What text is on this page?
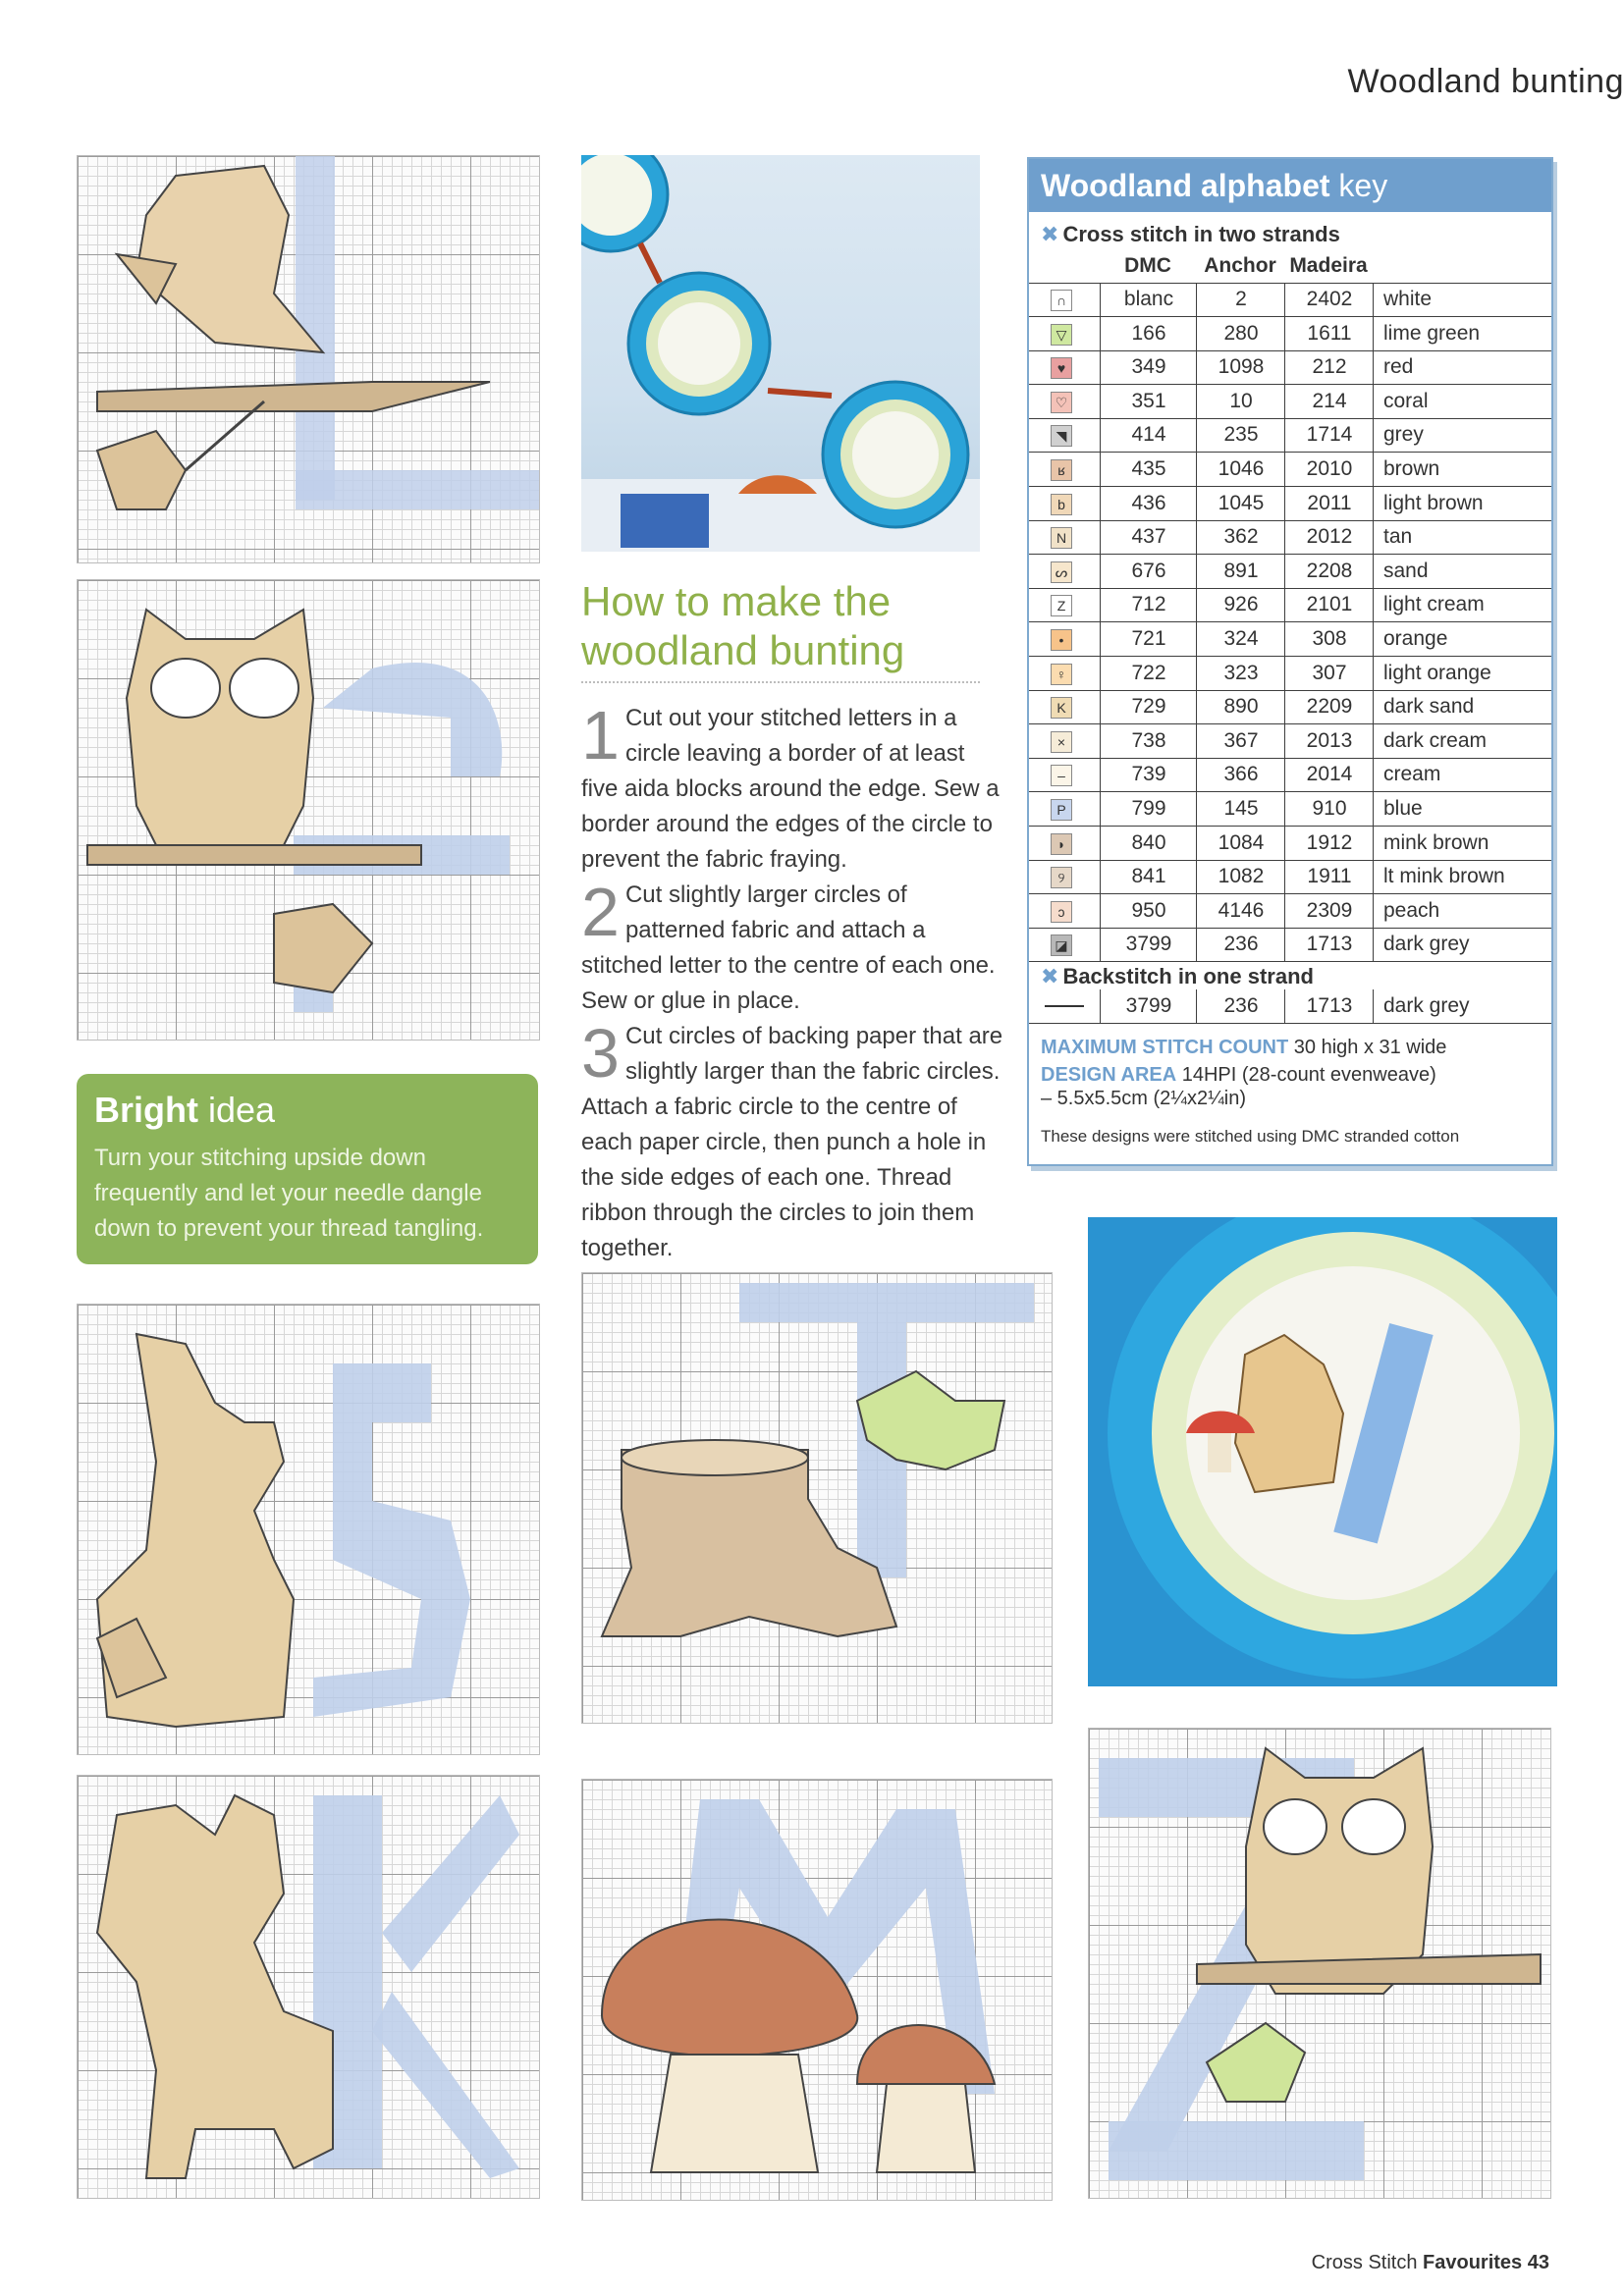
Woodland bunting
Bright idea

Turn your stitching upside down frequently and let your needle dangle down to prevent your thread tangling.

How to make the
woodland bunting
1 Cut out your stitched letters in a circle leaving a border of at least five aida blocks around the edge. Sew a border around the edges of the circle to prevent the fabric fraying.
2 Cut slightly larger circles of patterned fabric and attach a stitched letter to the centre of each one. Sew or glue in place.
3 Cut circles of backing paper that are slightly larger than the fabric circles. Attach a fabric circle to the centre of each paper circle, then punch a hole in the side edges of each one. Thread ribbon through the circles to join them together.
Woodland alphabet key
✖ Cross stitch in two strands
DMC	Anchor Madeira
∩	blanc	2	2402	white
▽	166	280	1611	lime green
♥	349	1098	212	red
♡	351	10	214	coral
◥	414	235	1714	grey
ʁ	435	1046	2010	brown
b	436	1045	2011	light brown
N	437	362	2012	tan
ᔕ	676	891	2208	sand
Z	712	926	2101	light cream
•	721	324	308	orange
♀	722	323	307	light orange
K	729	890	2209	dark sand
×	738	367	2013	dark cream
–	739	366	2014	cream
P	799	145	910	blue
◗	840	1084	1912	mink brown
୨	841	1082	1911	lt mink brown
ↄ	950	4146	2309	peach
◪	3799	236	1713	dark grey
✖ Backstitch in one strand
3799	236	1713	dark grey
MAXIMUM STITCH COUNT 30 high x 31 wide
DESIGN AREA 14HPI (28-count evenweave)
– 5.5x5.5cm (2¼x2¼in)
These designs were stitched using DMC stranded cotton
Cross Stitch Favourites 43
